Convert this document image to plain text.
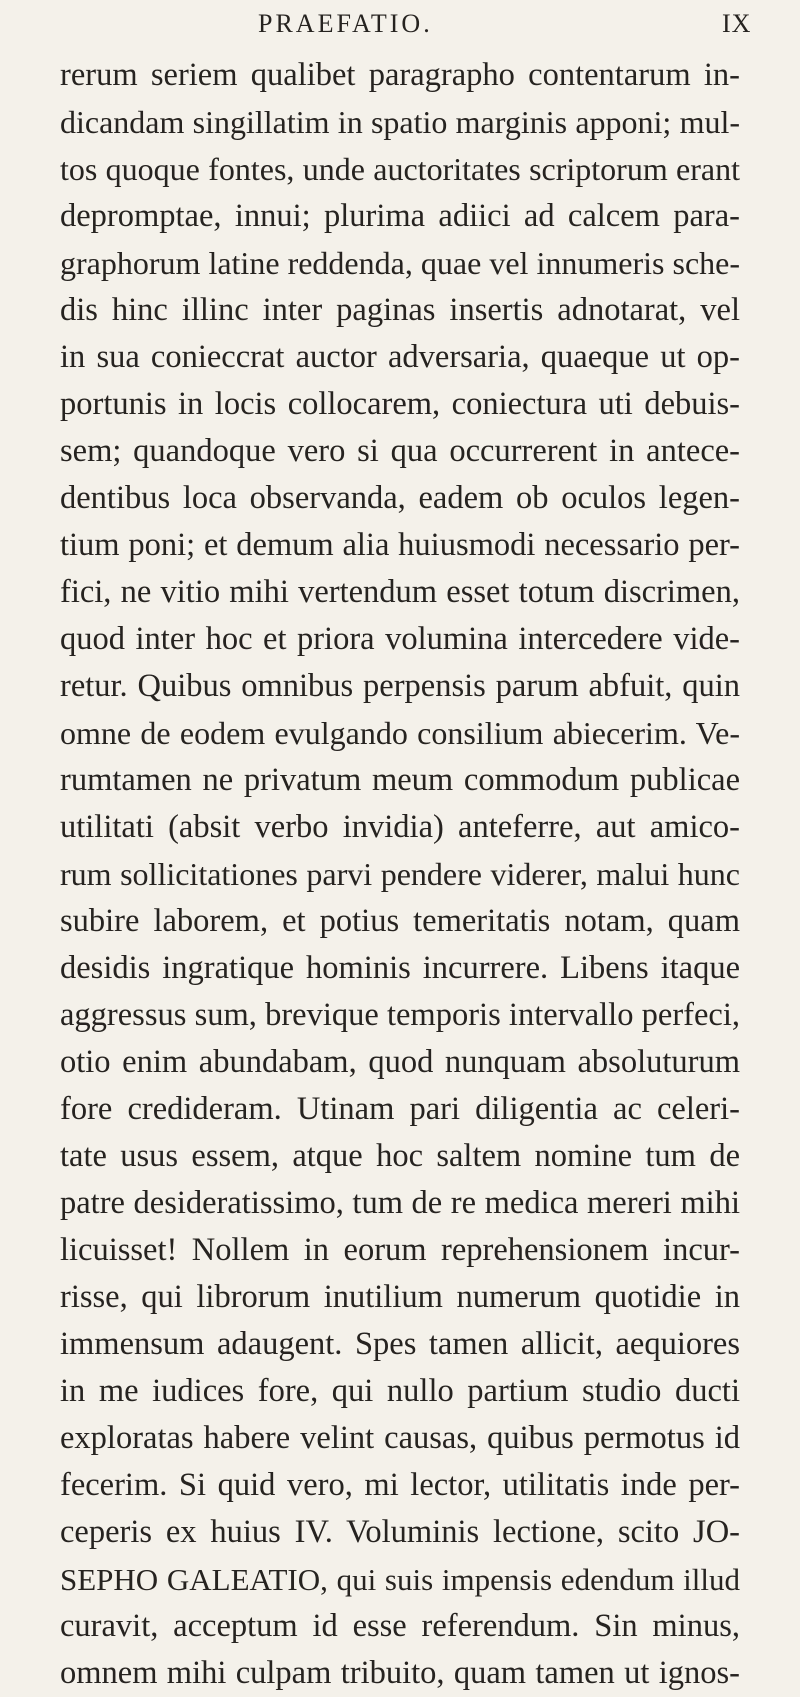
PRAEFATIO.	IX
rerum seriem qualibet paragrapho contentarum in-
dicandam singillatim in spatio marginis apponi; mul-
tos quoque fontes, unde auctoritates scriptorum erant
depromptae, innui; plurima adiici ad calcem para-
graphorum latine reddenda, quae vel innumeris sche-
dis hinc illinc inter paginas insertis adnotarat, vel
in sua conieccrat auctor adversaria, quaeque ut op-
portunis in locis collocarem, coniectura uti debuis-
sem; quandoque vero si qua occurrerent in antece-
dentibus loca observanda, eadem ob oculos legen-
tium poni; et demum alia huiusmodi necessario per-
fici, ne vitio mihi vertendum esset totum discrimen,
quod inter hoc et priora volumina intercedere vide-
retur. Quibus omnibus perpensis parum abfuit, quin
omne de eodem evulgando consilium abiecerim. Ve-
rumtamen ne privatum meum commodum publicae
utilitati (absit verbo invidia) anteferre, aut amico-
rum sollicitationes parvi pendere viderer, malui hunc
subire laborem, et potius temeritatis notam, quam
desidis ingratique hominis incurrere. Libens itaque
aggressus sum, brevique temporis intervallo perfeci,
otio enim abundabam, quod nunquam absoluturum
fore credideram. Utinam pari diligentia ac celeri-
tate usus essem, atque hoc saltem nomine tum de
patre desideratissimo, tum de re medica mereri mihi
licuisset! Nollem in eorum reprehensionem incur-
risse, qui librorum inutilium numerum quotidie in
immensum adaugent. Spes tamen allicit, aequiores
in me iudices fore, qui nullo partium studio ducti
exploratas habere velint causas, quibus permotus id
fecerim. Si quid vero, mi lector, utilitatis inde per-
ceperis ex huius IV. Voluminis lectione, scito JO-
SEPHO GALEATIO, qui suis impensis edendum illud
curavit, acceptum id esse referendum. Sin minus,
omnem mihi culpam tribuito, quam tamen ut ignos-
